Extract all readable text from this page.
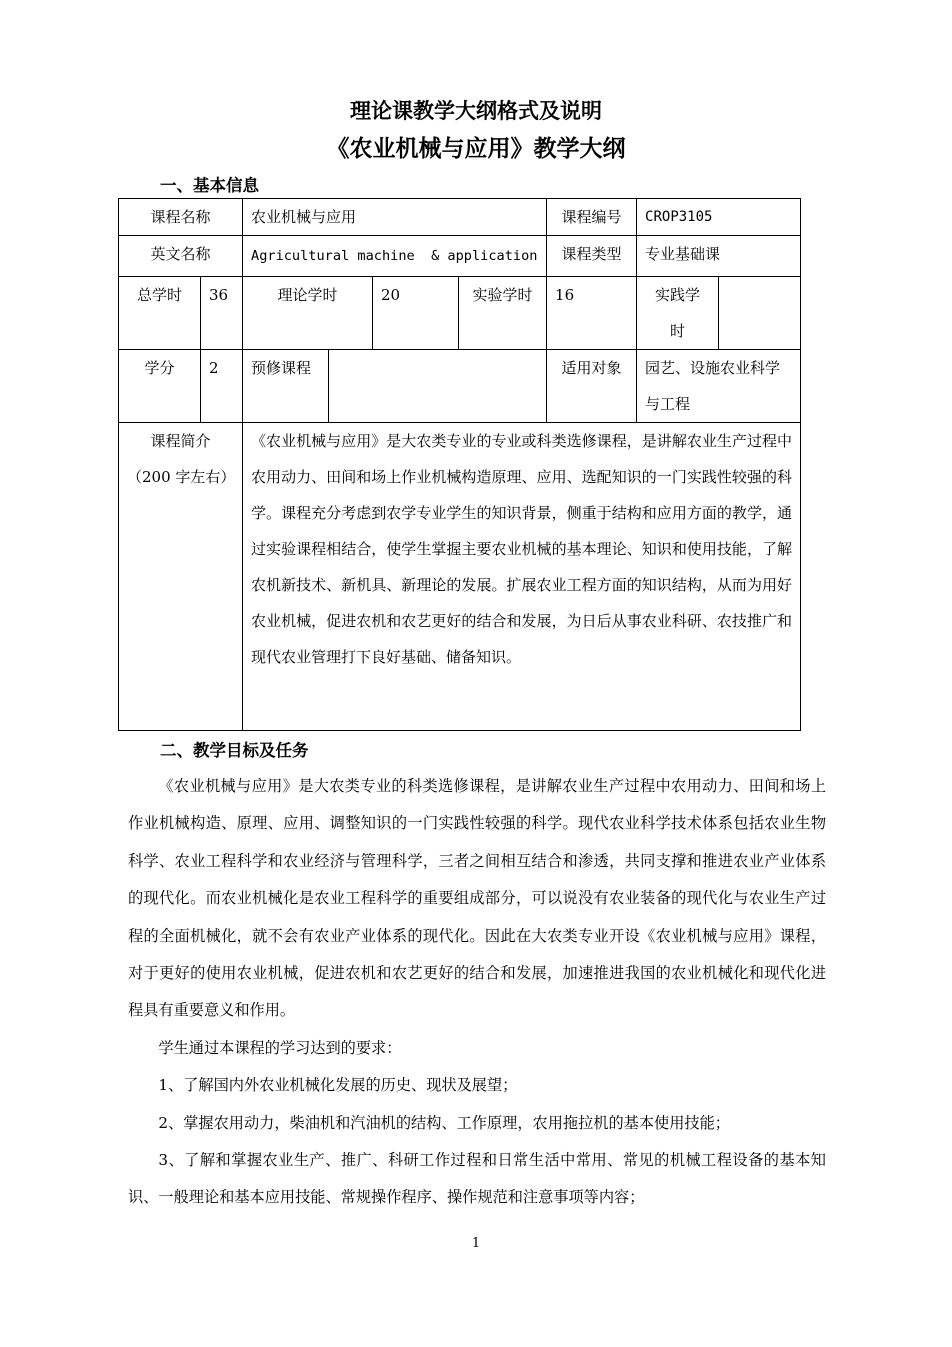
理论课教学大纲格式及说明
《农业机械与应用》教学大纲
一、基本信息
课程名称		农业机械与应用				课程编号	CROP3105	
英文名称		Agricultural machine  & application				课程类型	专业基础课	
总学时	36	理论学时		20	实验学时	16	实践学时	
学分	2	预修课程				适用对象	园艺、设施农业科学与工程	

课程简介
（200 字左右）		《农业机械与应用》是大农类专业的专业或科类选修课程，是讲解农业生产过程中农用动力、田间和场上作业机械构造原理、应用、选配知识的一门实践性较强的科学。课程充分考虑到农学专业学生的知识背景，侧重于结构和应用方面的教学，通过实验课程相结合，使学生掌握主要农业机械的基本理论、知识和使用技能，了解农机新技术、新机具、新理论的发展。扩展农业工程方面的知识结构，从而为用好农业机械，促进农机和农艺更好的结合和发展，为日后从事农业科研、农技推广和现代农业管理打下良好基础、储备知识。						
二、教学目标及任务

《农业机械与应用》是大农类专业的科类选修课程，是讲解农业生产过程中农用动力、田间和场上作业机械构造、原理、应用、调整知识的一门实践性较强的科学。现代农业科学技术体系包括农业生物科学、农业工程科学和农业经济与管理科学，三者之间相互结合和渗透，共同支撑和推进农业产业体系的现代化。而农业机械化是农业工程科学的重要组成部分，可以说没有农业装备的现代化与农业生产过程的全面机械化，就不会有农业产业体系的现代化。因此在大农类专业开设《农业机械与应用》课程，对于更好的使用农业机械，促进农机和农艺更好的结合和发展，加速推进我国的农业机械化和现代化进程具有重要意义和作用。

学生通过本课程的学习达到的要求：

1、了解国内外农业机械化发展的历史、现状及展望；

2、掌握农用动力，柴油机和汽油机的结构、工作原理，农用拖拉机的基本使用技能；

3、了解和掌握农业生产、推广、科研工作过程和日常生活中常用、常见的机械工程设备的基本知识、一般理论和基本应用技能、常规操作程序、操作规范和注意事项等内容；

1
